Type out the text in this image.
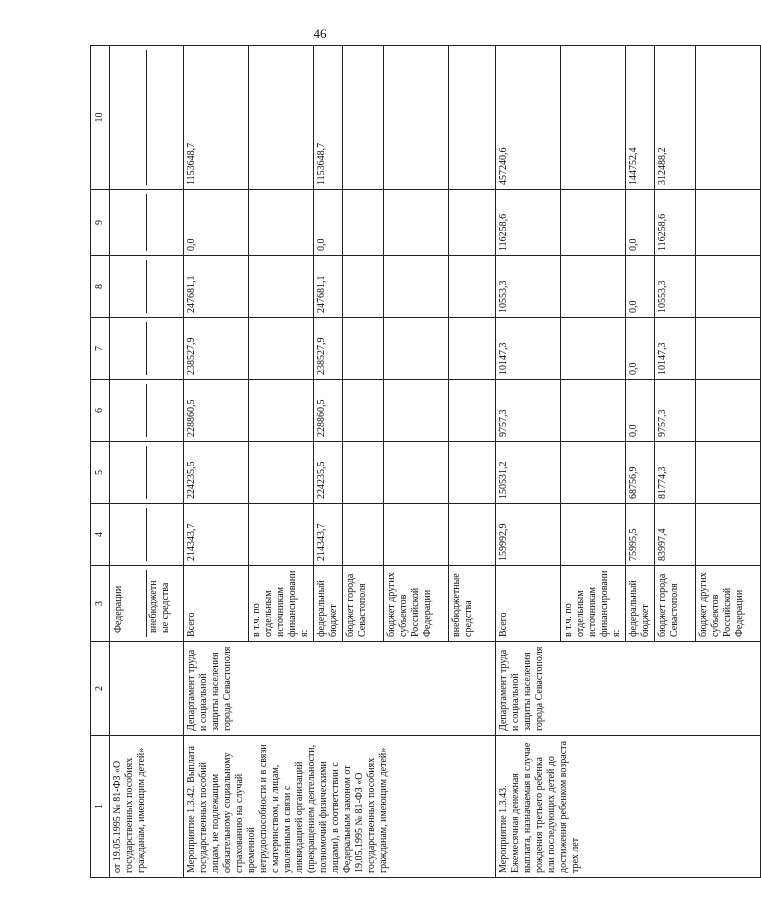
46
1	2	3	4	5	6	7	8	9	10
от 19.05.1995 № 81-ФЗ «О государственных пособиях гражданам, имеющим детей»		Федерации внебюджетные средства							

Мероприятие 1.3.42. Выплата государственных пособий лицам, не подлежащим обязательному социальному страхованию на случай временной нетрудоспособности и в связи с материнством, и лицам, уволенным в связи с ликвидацией организаций (прекращением деятельности, полномочий физическими лицами), в соответствии с Федеральным законом от 19.05.1995 № 81-ФЗ «О государственных пособиях гражданам, имеющим детей»	Департамент труда и социальной защиты населения города Севастополя	Всего	214343,7	224235,5	228860,5	238527,9	247681,1	0,0	1153648,7
		в т.ч. по отдельным источникам финансирования:							
		федеральный бюджет	214343,7	224235,5	228860,5	238527,9	247681,1	0,0	1153648,7
		бюджет города Севастополя							
		бюджет других субъектов Российской Федерации							
		внебюджетные средства							
Мероприятие 1.3.43. Ежемесячная денежная выплата, назначаемая в случае рождения третьего ребенка или последующих детей до достижения ребенком возраста трех лет	Департамент труда и социальной защиты населения города Севастополя	Всего	159992,9	150531,2	9757,3	10147,3	10553,3	116258,6	457240,6
		в т.ч. по отдельным источникам финансирования:							
		федеральный бюджет	75995,5	68756,9	0,0	0,0	0,0	0,0	144752,4
		бюджет города Севастополя	83997,4	81774,3	9757,3	10147,3	10553,3	116258,6	312488,2
		бюджет других субъектов Российской Федерации							
